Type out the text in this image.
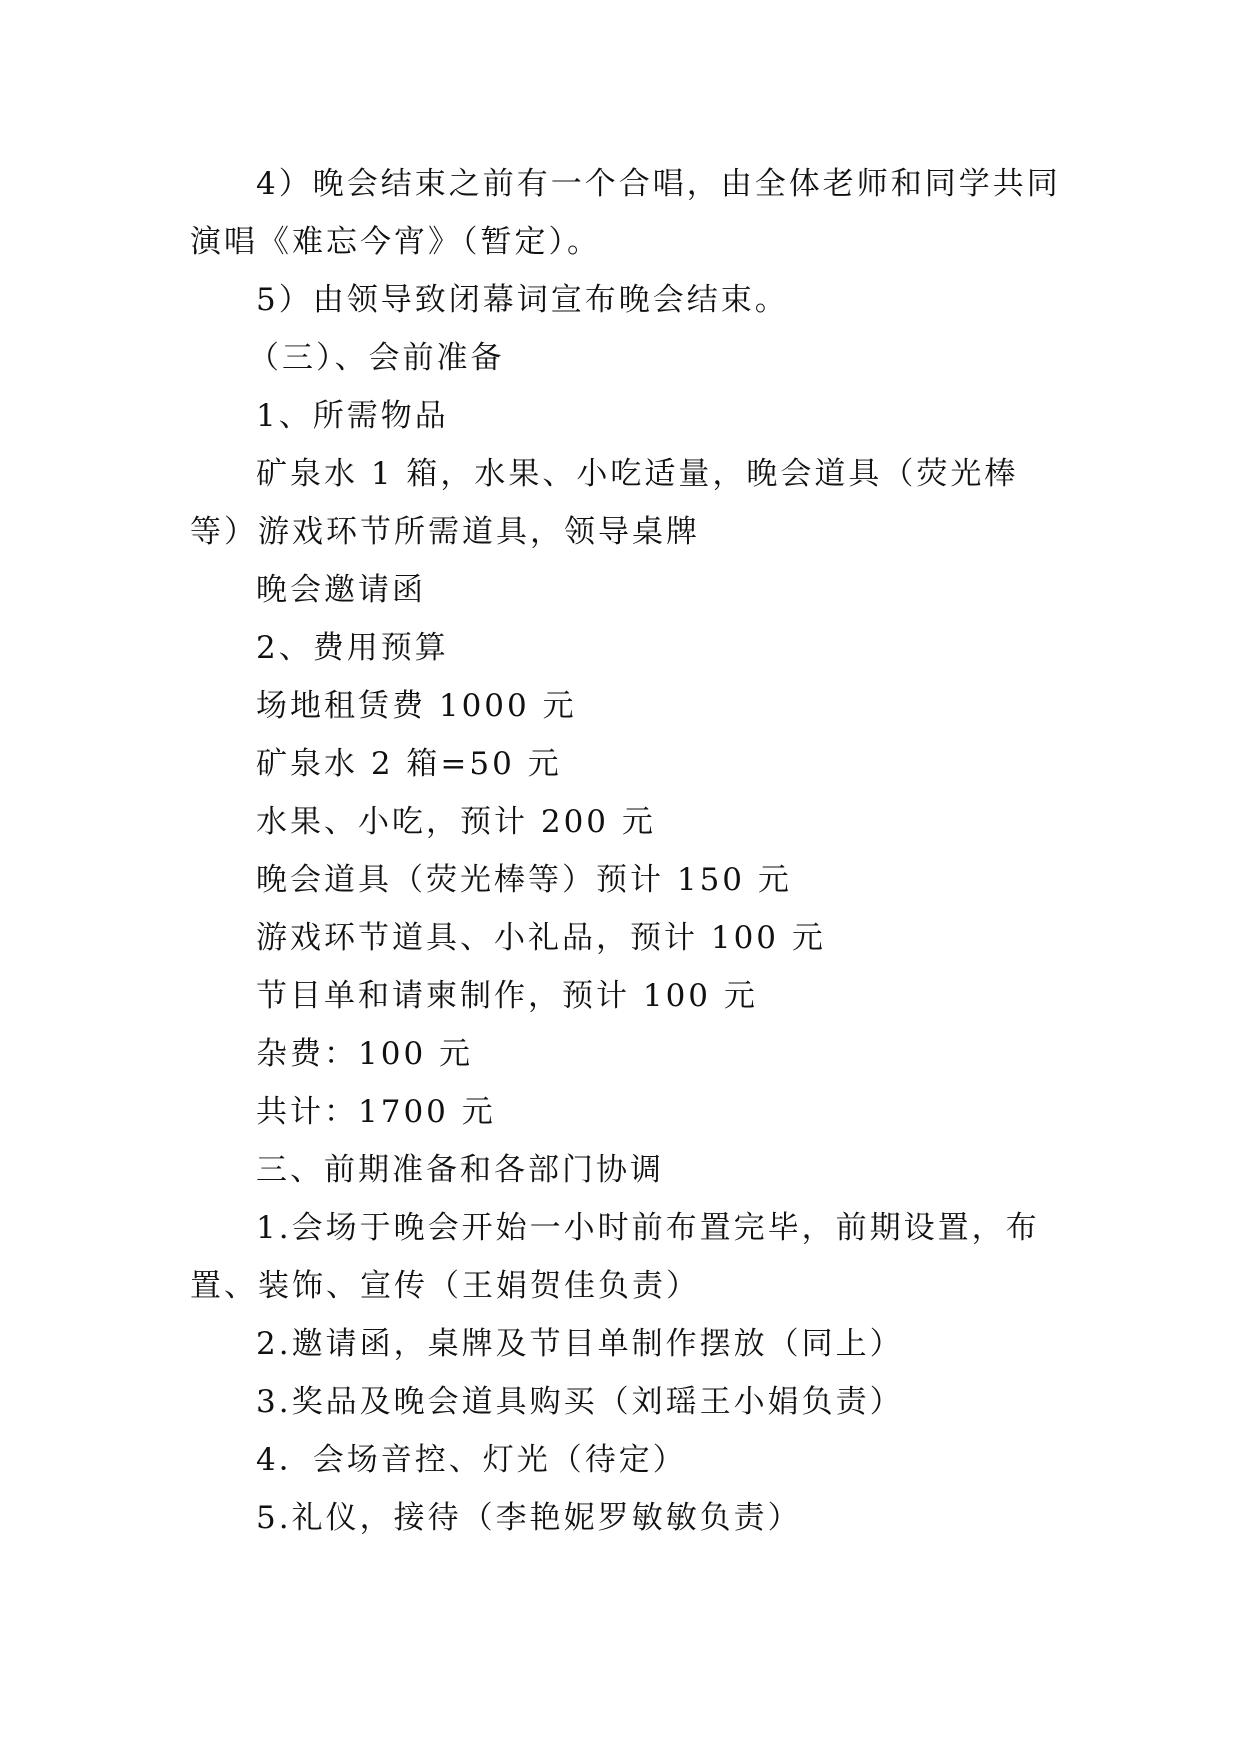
4）晚会结束之前有一个合唱，由全体老师和同学共同演唱《难忘今宵》（暂定）。

5）由领导致闭幕词宣布晚会结束。

（三）、会前准备

1、所需物品

矿泉水 1 箱，水果、小吃适量，晚会道具（荧光棒等）游戏环节所需道具，领导桌牌

晚会邀请函

2、费用预算

场地租赁费 1000 元

矿泉水 2 箱=50 元

水果、小吃，预计 200 元

晚会道具（荧光棒等）预计 150 元

游戏环节道具、小礼品，预计 100 元

节目单和请柬制作，预计 100 元

杂费：100 元

共计：1700 元

三、前期准备和各部门协调

1.会场于晚会开始一小时前布置完毕，前期设置，布置、装饰、宣传（王娟贺佳负责）

2.邀请函，桌牌及节目单制作摆放（同上）

3.奖品及晚会道具购买（刘瑶王小娟负责）

4．会场音控、灯光（待定）

5.礼仪，接待（李艳妮罗敏敏负责）
